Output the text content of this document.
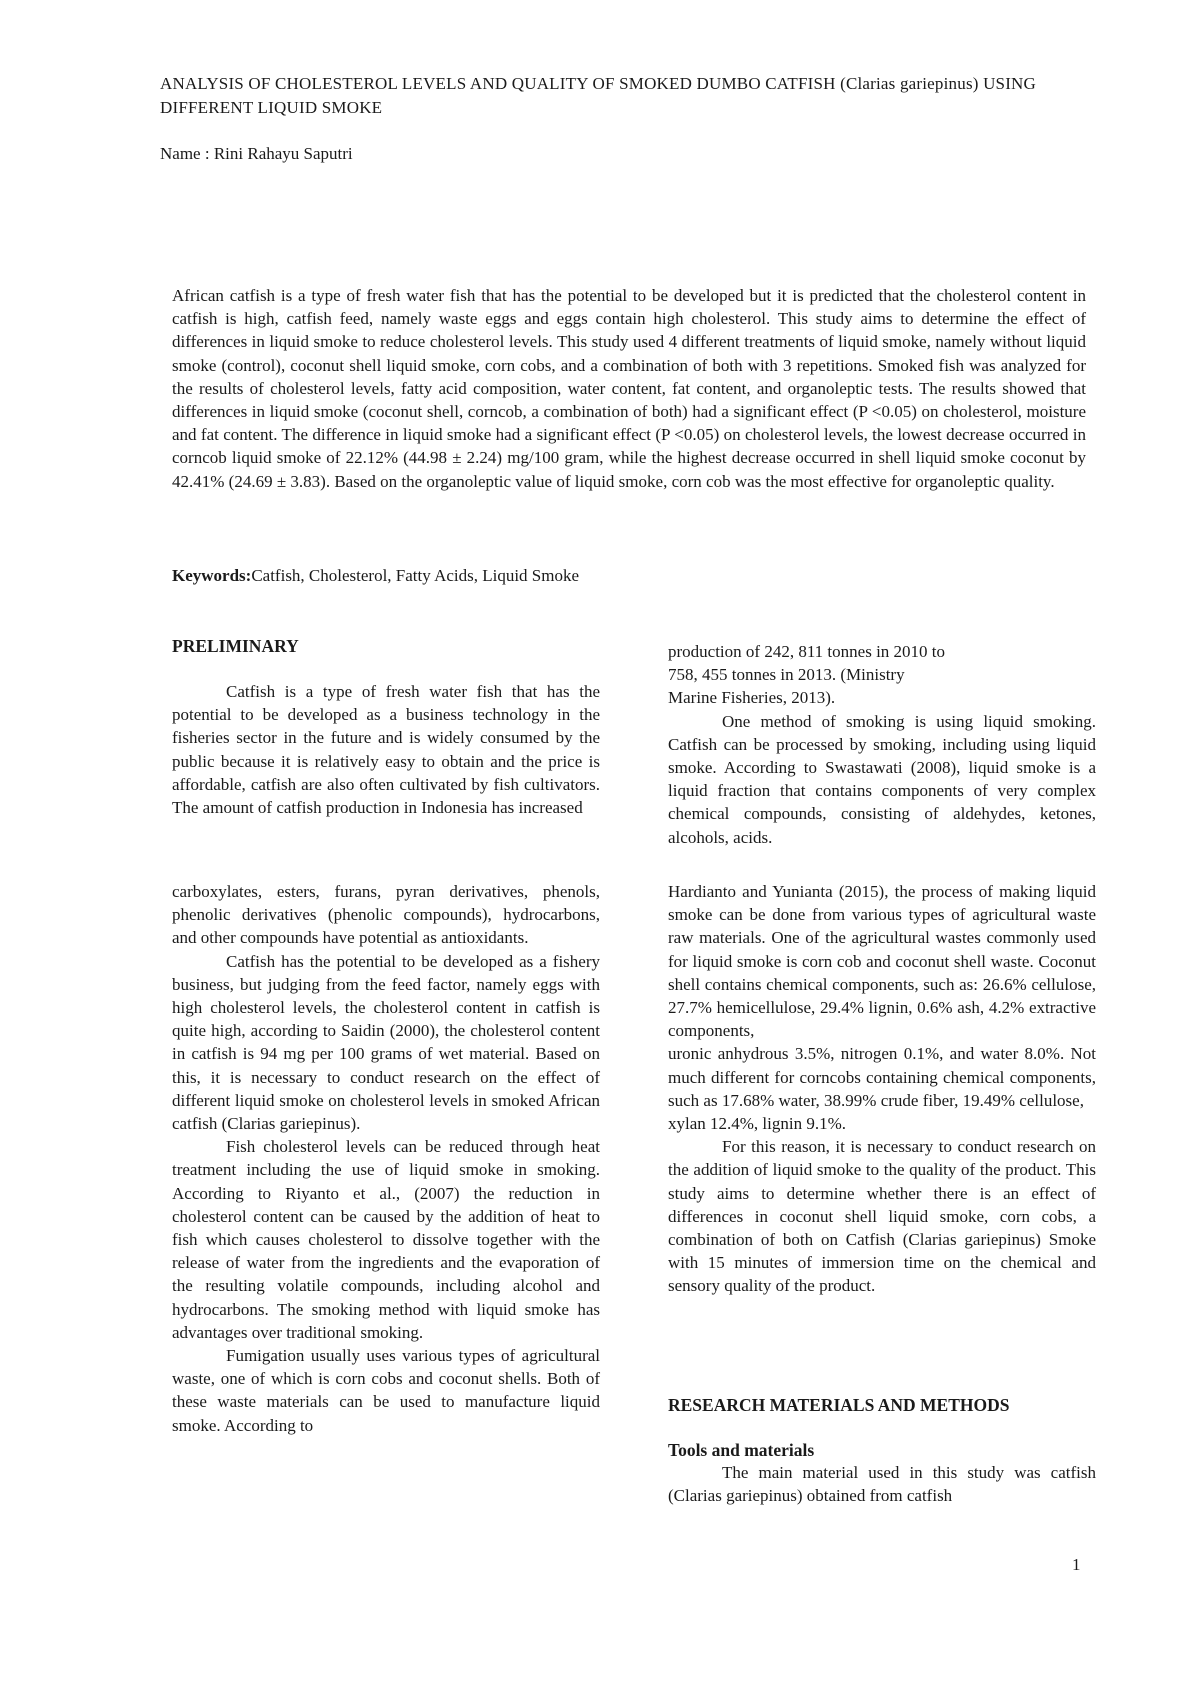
ANALYSIS OF CHOLESTEROL LEVELS AND QUALITY OF SMOKED DUMBO CATFISH (Clarias gariepinus) USING DIFFERENT LIQUID SMOKE
Name : Rini Rahayu Saputri

African catfish is a type of fresh water fish that has the potential to be developed but it is predicted that the cholesterol content in catfish is high, catfish feed, namely waste eggs and eggs contain high cholesterol. This study aims to determine the effect of differences in liquid smoke to reduce cholesterol levels. This study used 4 different treatments of liquid smoke, namely without liquid smoke (control), coconut shell liquid smoke, corn cobs, and a combination of both with 3 repetitions. Smoked fish was analyzed for the results of cholesterol levels, fatty acid composition, water content, fat content, and organoleptic tests. The results showed that differences in liquid smoke (coconut shell, corncob, a combination of both) had a significant effect (P <0.05) on cholesterol, moisture and fat content. The difference in liquid smoke had a significant effect (P <0.05) on cholesterol levels, the lowest decrease occurred in corncob liquid smoke of 22.12% (44.98 ± 2.24) mg/100 gram, while the highest decrease occurred in shell liquid smoke coconut by 42.41% (24.69 ± 3.83). Based on the organoleptic value of liquid smoke, corn cob was the most effective for organoleptic quality.

Keywords:Catfish, Cholesterol, Fatty Acids, Liquid Smoke

PRELIMINARY

Catfish is a type of fresh water fish that has the potential to be developed as a business technology in the fisheries sector in the future and is widely consumed by the public because it is relatively easy to obtain and the price is affordable, catfish are also often cultivated by fish cultivators. The amount of catfish production in Indonesia has increased

carboxylates, esters, furans, pyran derivatives, phenols, phenolic derivatives (phenolic compounds), hydrocarbons, and other compounds have potential as antioxidants.

Catfish has the potential to be developed as a fishery business, but judging from the feed factor, namely eggs with high cholesterol levels, the cholesterol content in catfish is quite high, according to Saidin (2000), the cholesterol content in catfish is 94 mg per 100 grams of wet material. Based on this, it is necessary to conduct research on the effect of different liquid smoke on cholesterol levels in smoked African catfish (Clarias gariepinus).

Fish cholesterol levels can be reduced through heat treatment including the use of liquid smoke in smoking. According to Riyanto et al., (2007) the reduction in cholesterol content can be caused by the addition of heat to fish which causes cholesterol to dissolve together with the release of water from the ingredients and the evaporation of the resulting volatile compounds, including alcohol and hydrocarbons. The smoking method with liquid smoke has advantages over traditional smoking.

Fumigation usually uses various types of agricultural waste, one of which is corn cobs and coconut shells. Both of these waste materials can be used to manufacture liquid smoke. According to

production of 242, 811 tonnes in 2010 to

758, 455 tonnes in 2013. (Ministry

Marine Fisheries, 2013).

One method of smoking is using liquid smoking. Catfish can be processed by smoking, including using liquid smoke. According to Swastawati (2008), liquid smoke is a liquid fraction that contains components of very complex chemical compounds, consisting of aldehydes, ketones, alcohols, acids.

Hardianto and Yunianta (2015), the process of making liquid smoke can be done from various types of agricultural waste raw materials. One of the agricultural wastes commonly used for liquid smoke is corn cob and coconut shell waste. Coconut shell contains chemical components, such as: 26.6% cellulose, 27.7% hemicellulose, 29.4% lignin, 0.6% ash, 4.2% extractive components,

uronic anhydrous 3.5%, nitrogen 0.1%, and water 8.0%. Not much different for corncobs containing chemical components, such as 17.68% water, 38.99% crude fiber, 19.49% cellulose,

xylan 12.4%, lignin 9.1%.

For this reason, it is necessary to conduct research on the addition of liquid smoke to the quality of the product. This study aims to determine whether there is an effect of differences in coconut shell liquid smoke, corn cobs, a combination of both on Catfish (Clarias gariepinus) Smoke with 15 minutes of immersion time on the chemical and sensory quality of the product.

RESEARCH MATERIALS AND METHODS
Tools and materials

The main material used in this study was catfish (Clarias gariepinus) obtained from catfish

1
